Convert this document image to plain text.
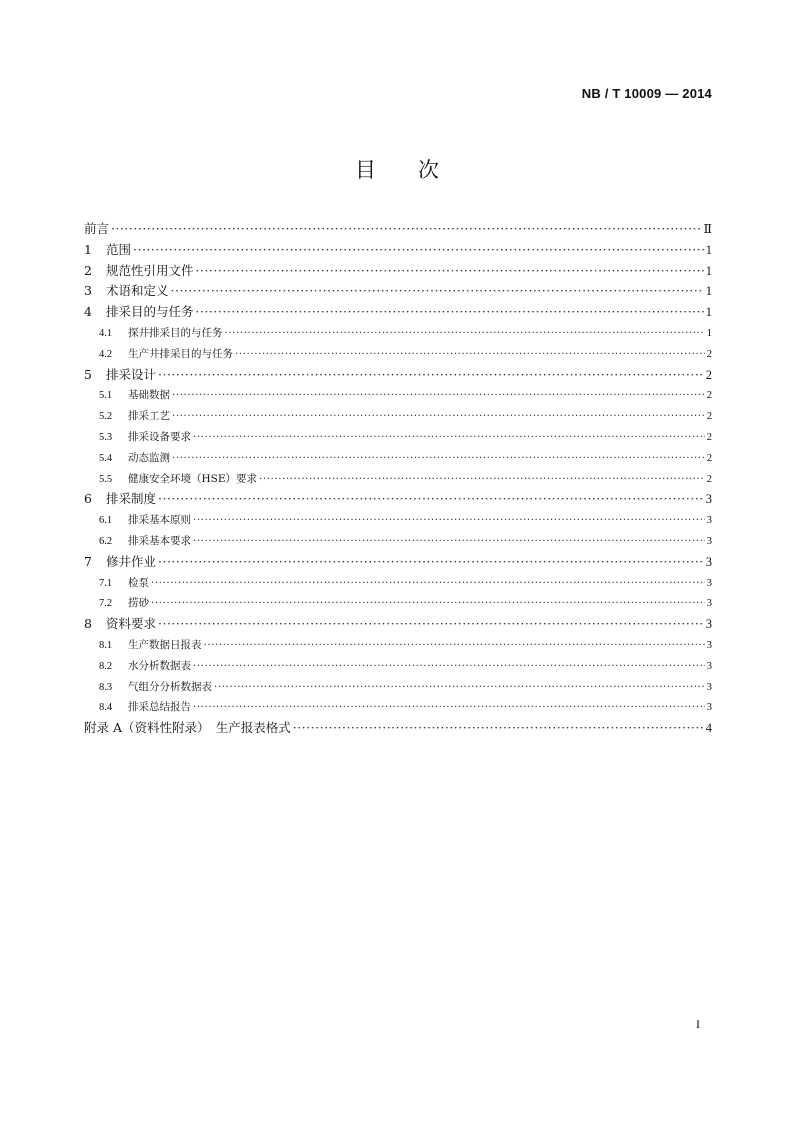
NB / T 10009 — 2014
目次
前言 ·····	Ⅱ
1	范围 ·····	1
2	规范性引用文件 ·····	1
3	术语和定义 ·····	1
4	排采目的与任务 ·····	1
4.1	探井排采目的与任务 ·····	1
4.2	生产井排采目的与任务 ·····	2
5	排采设计 ·····	2
5.1	基础数据 ·····	2
5.2	排采工艺 ·····	2
5.3	排采设备要求 ·····	2
5.4	动态监测 ·····	2
5.5	健康安全环境（HSE）要求 ·····	2
6	排采制度 ·····	3
6.1	排采基本原则 ·····	3
6.2	排采基本要求 ·····	3
7	修井作业 ·····	3
7.1	检泵 ·····	3
7.2	捞砂 ·····	3
8	资料要求 ·····	3
8.1	生产数据日报表 ·····	3
8.2	水分析数据表 ·····	3
8.3	气组分分析数据表 ·····	3
8.4	排采总结报告 ·····	3
附录 A（资料性附录）　生产报表格式 ·····	4
I
